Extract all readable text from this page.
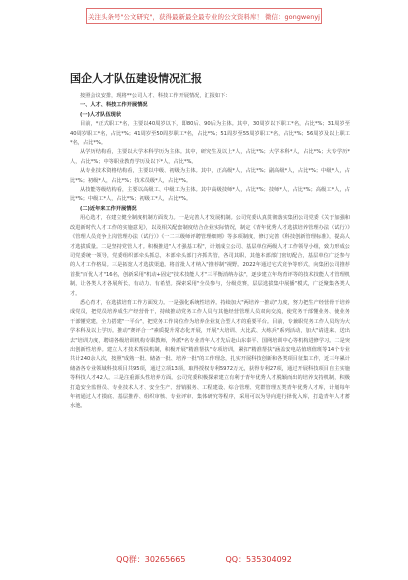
关注头条号"公文研究"，获得最新最全最专业的公文资料库！ 微信：gongwenyj
国企人才队伍建设情况汇报

按照会议安排，现将**公司人才、科技工作开展情况，汇报如下：

一、人才、科技工作开展情况

(一)人才队伍现状

目前，*正式职工*名，主要以40周岁以下，即80后、90后为主体。其中，30周岁以下职工*名，占比*%；31周岁至40周岁职工*名，占比*%；41周岁至50周岁职工*名，占比*%；51周岁至55周岁职工*名，占比*%；56周岁及以上职工*名，占比*%。

从学历结构看，主要以大学本科学历为主体。其中，研究生及以上*人，占比*%；大学本科*人，占比*%；大专学历*人，占比*%；中等职业教育学历及以下*人，占比*%。

从专业技术资格结构看，主要以中级、初级为主体。其中，正高级*人，占比*%；副高级*人，占比*%；中级*人，占比*%；初级*人，占比*%；技术员级*人，占比*%。

从技能等级结构看，主要以高级工、中级工为主体。其中高级技师*人，占比*%；技师*人，占比*%；高级工*人，占比*%；中级工*人，占比*%；初级工*人，占比*%。

(二)近年来工作开展情况

用心选才，在建立健全制度机制方面发力。一是完善人才发展机制。公司党委认真贯彻落实集团公司党委《关于加强和改进新时代人才工作的实施意见》，以及相关配套制度结合企业实际情况，制定《青年优秀人才选拔培养管理办法（试行）》《管理人员竞争上岗管理办法（试行）》《一二三级师评聘管理细则》等多项制度，修订完善《科技创新管理标准》，提高人才选拔质量。二是坚持党管人才。积极推进"人才强基工程"，计划成立公司、基层单位两级人才工作领导小组，致力形成公司党委统一领导，党委组织部牵头抓总，本部牵头部门齐抓共管，各司其职，其他本部部门密切配合，基层单位广泛参与的人才工作格局。三是拓宽人才选拔渠道。将首批人才纳入"推荐制"视野。2022年通过宅式竞争等形式，向集团公司推荐首批"百优人才"16名，创新采用"机动+固定"技术技能人才"三平衡消纳办法"，逐步建立年均育评等的技术技能人才管理机制，让各类人才各展所长，有动力、有希望。探索采用"全员参与，分级竞赛，层层选拔集中展播"模式，广泛聚集各类人才。

悉心育才，在选拔培育工作方面发力。一是强化系统性培养。持续加大"两培养一推动"力度，努力把生产经营骨干培养成党员，把党员培养成生产经营骨干，持续推动党务工作人员与其他经营管理人员双向交流，使党务干部懂业务、使业务干部懂党建，全力搭建"一平台"，把党务工作岗位作为培养企业复合型人才的重要平台。目前，专兼职党务工作人员均为大学本科及以上学历。推动"赛评合一"素质提升常态化开展，开展"大培训、大比武、大练兵"系列活动，加大"请进来、送出去"培训力度，聘请各级培训机构专职教师，外派*名专业青年人才先后赴山东泰平、国网培训中心等机构进修学习。二是突出创新性培养。建立人才技术帮扶机制，积极开展"精准帮扶"专项培训，紧扣"精准帮扶"涵盖安电站值班值班等14个专业共计240余人次，按照"成熟一批、储备一批、培养一批"的工作理念，扎实开展科技创新和各类项目征集工作，近三年累计储备各专业领域科技项目共95项，通过立项13项，取得授权专利5972万元，获得专利27项，通过开展科技项目自主实施等科技人才42人。三是注重源头性培养方面。公司党委积极探索建立有利于青年优秀人才脱颖而出的培养支持机制，积极打造安全监督员、专业技术人才、安全生产、营销服务、工程建设、综合管理、党群管理五类青年优秀人才库，计划每年年初通过人才摸底、基层推荐、组织审核、专业评审、集体研究等程序，采用可以为导向进行择优入库，打造青年人才蓄水池。

QQ群：30265665	QQ：535304092
